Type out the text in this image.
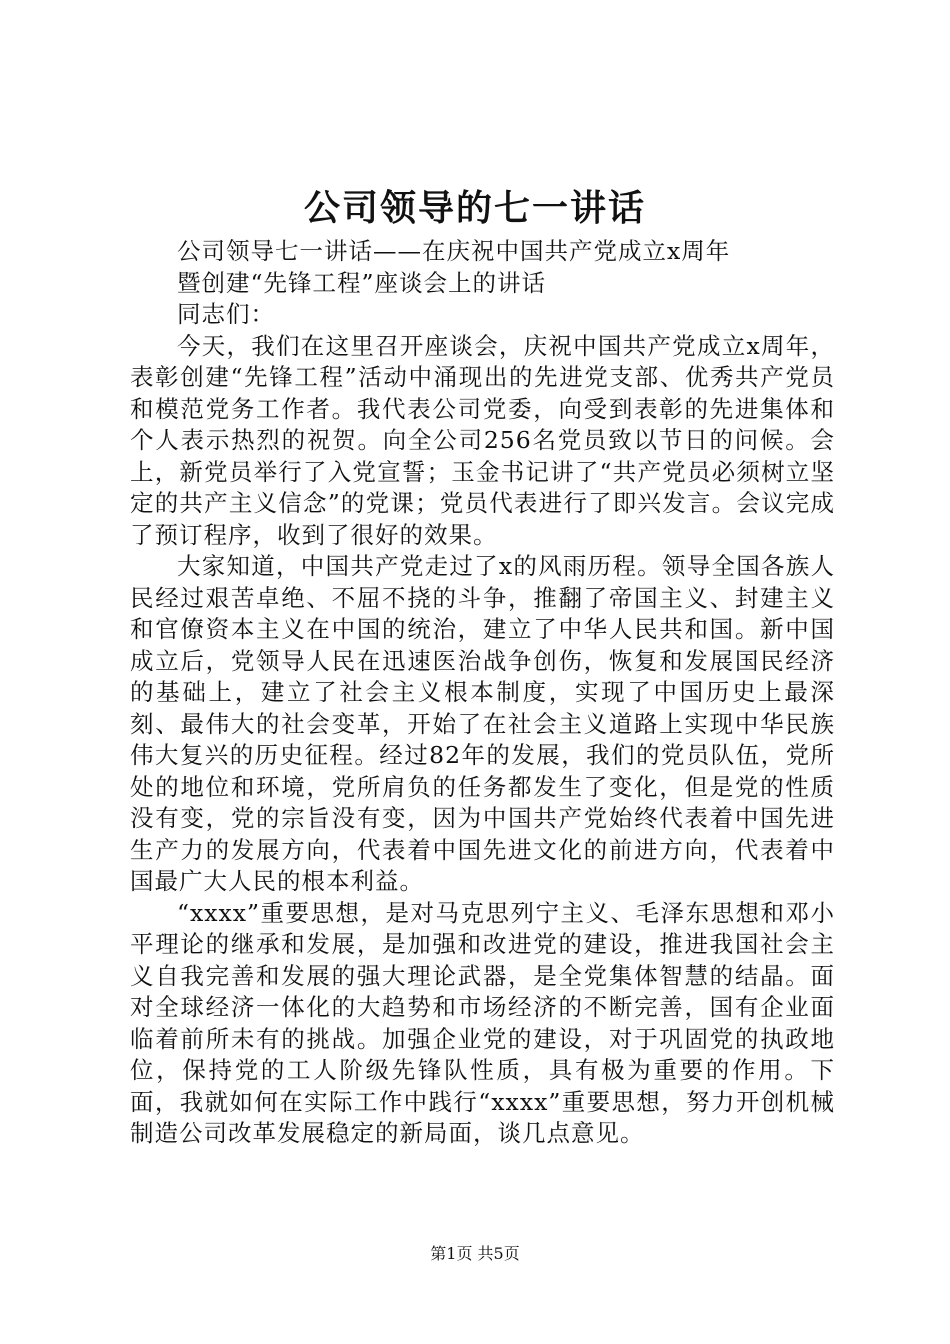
公司领导的七一讲话

公司领导七一讲话——在庆祝中国共产党成立x周年

暨创建“先锋工程”座谈会上的讲话

同志们：

今天，我们在这里召开座谈会，庆祝中国共产党成立x周年，表彰创建“先锋工程”活动中涌现出的先进党支部、优秀共产党员和模范党务工作者。我代表公司党委，向受到表彰的先进集体和个人表示热烈的祝贺。向全公司256名党员致以节日的问候。会上，新党员举行了入党宣誓；玉金书记讲了“共产党员必须树立坚定的共产主义信念”的党课；党员代表进行了即兴发言。会议完成了预订程序，收到了很好的效果。

大家知道，中国共产党走过了x的风雨历程。领导全国各族人民经过艰苦卓绝、不屈不挠的斗争，推翻了帝国主义、封建主义和官僚资本主义在中国的统治，建立了中华人民共和国。新中国成立后，党领导人民在迅速医治战争创伤，恢复和发展国民经济的基础上，建立了社会主义根本制度，实现了中国历史上最深刻、最伟大的社会变革，开始了在社会主义道路上实现中华民族伟大复兴的历史征程。经过82年的发展，我们的党员队伍，党所处的地位和环境，党所肩负的任务都发生了变化，但是党的性质没有变，党的宗旨没有变，因为中国共产党始终代表着中国先进生产力的发展方向，代表着中国先进文化的前进方向，代表着中国最广大人民的根本利益。

“xxxx”重要思想，是对马克思列宁主义、毛泽东思想和邓小平理论的继承和发展，是加强和改进党的建设，推进我国社会主义自我完善和发展的强大理论武器，是全党集体智慧的结晶。面对全球经济一体化的大趋势和市场经济的不断完善，国有企业面临着前所未有的挑战。加强企业党的建设，对于巩固党的执政地位，保持党的工人阶级先锋队性质，具有极为重要的作用。下面，我就如何在实际工作中践行“xxxx”重要思想，努力开创机械制造公司改革发展稳定的新局面，谈几点意见。

第1页 共5页
